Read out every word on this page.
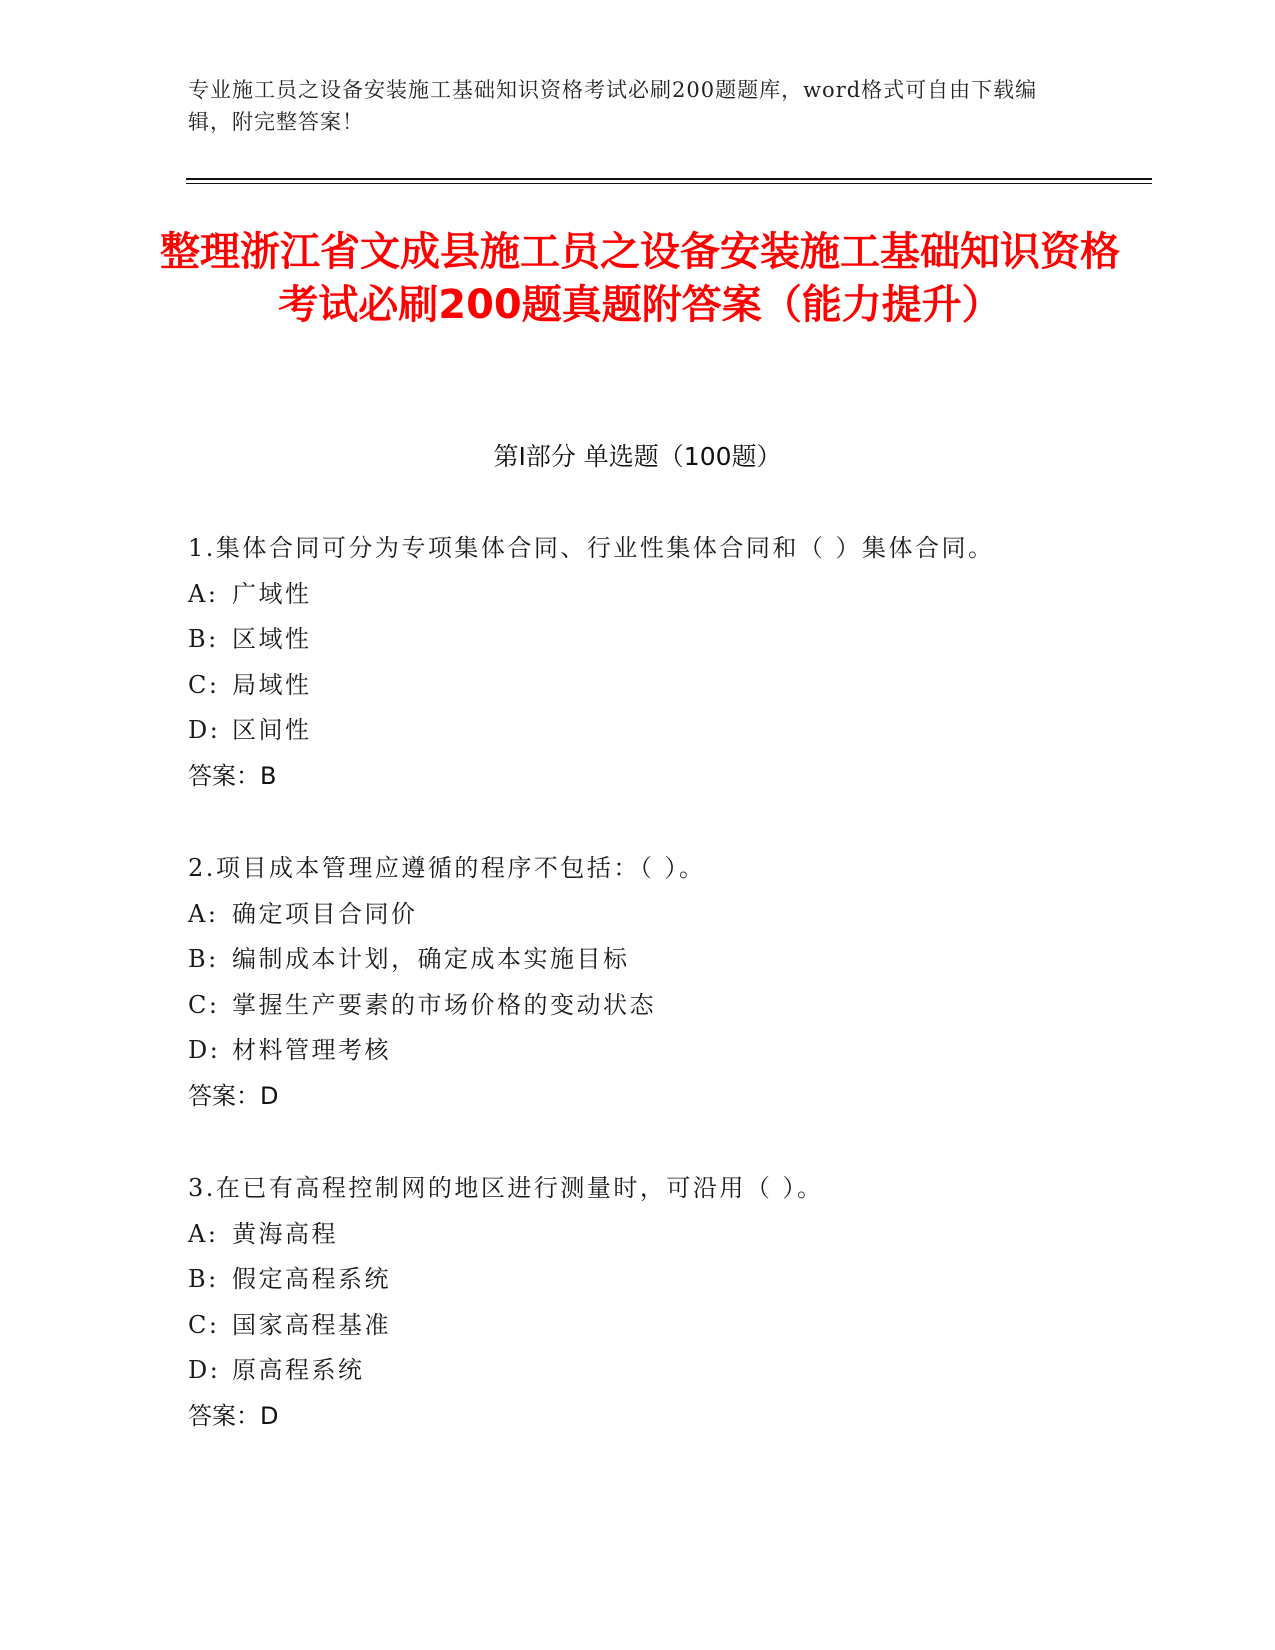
专业施工员之设备安装施工基础知识资格考试必刷200题题库，word格式可自由下载编辑，附完整答案！
整理浙江省文成县施工员之设备安装施工基础知识资格考试必刷200题真题附答案（能力提升）
第Ⅰ部分 单选题（100题）
1.集体合同可分为专项集体合同、行业性集体合同和（ ）集体合同。
A: 广域性
B: 区域性
C: 局域性
D: 区间性
答案：B
2.项目成本管理应遵循的程序不包括：（ ）。
A: 确定项目合同价
B: 编制成本计划，确定成本实施目标
C: 掌握生产要素的市场价格的变动状态
D: 材料管理考核
答案：D
3.在已有高程控制网的地区进行测量时，可沿用（ ）。
A: 黄海高程
B: 假定高程系统
C: 国家高程基准
D: 原高程系统
答案：D
